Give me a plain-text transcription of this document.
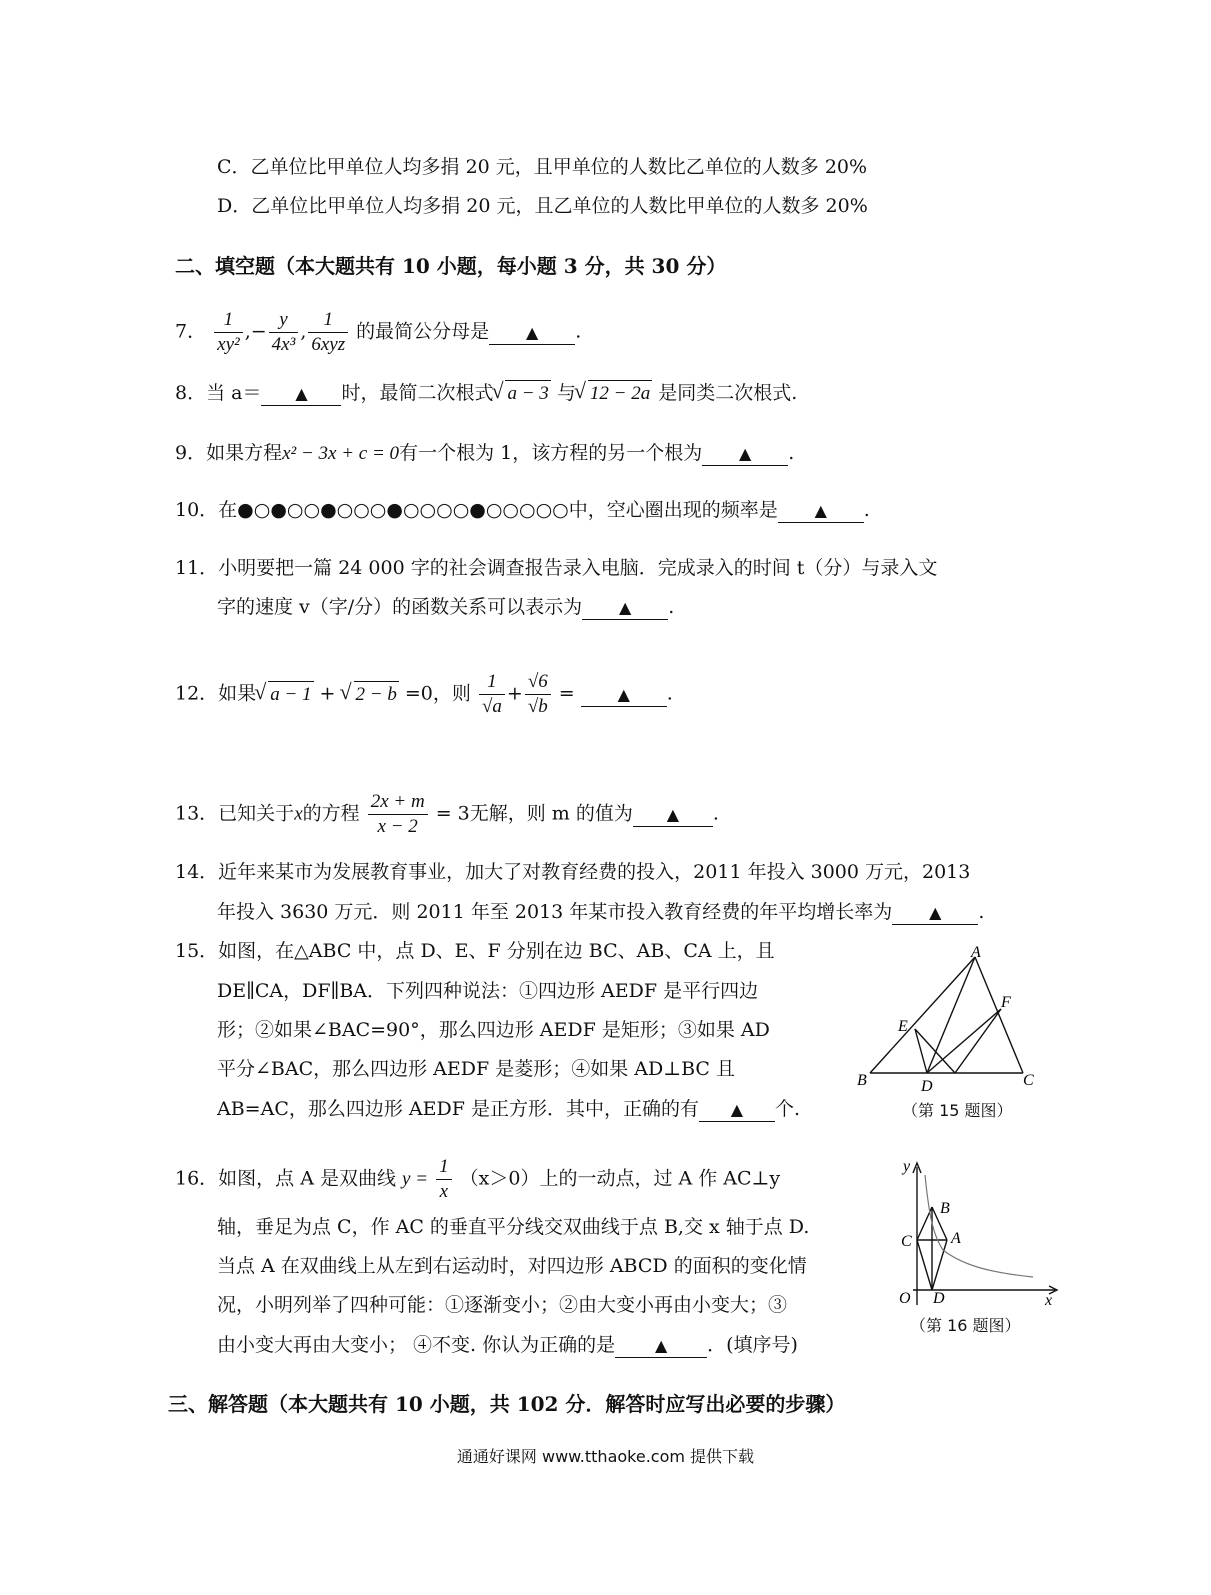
C．乙单位比甲单位人均多捐 20 元，且甲单位的人数比乙单位的人数多 20%
D．乙单位比甲单位人均多捐 20 元，且乙单位的人数比甲单位的人数多 20%
二、填空题（本大题共有 10 小题，每小题 3 分，共 30 分）
7． $\frac{1}{\text{xy²}}$ ,− $\frac{y}{\text{4x³}}$ , $\frac{1}{\text{6xyz}}$ 的最简公分母是 ▲ .
8．当 a＝ ▲ 时，最简二次根式 √ a − 3 与 √ 12 − 2a 是同类二次根式.
9．如果方程x² − 3x + c = 0有一个根为 1，该方程的另一个根为 ▲ .
10．在●○●○○●○○○●○○○○●○○○○○中，空心圈出现的频率是 ▲ .
11．小明要把一篇 24 000 字的社会调查报告录入电脑．完成录入的时间 t（分）与录入文
字的速度 v（字/分）的函数关系可以表示为 ▲ .
12．如果 √ a − 1 + √ 2 − b =0，则 $\frac{1}{√a} + \frac{√6}{√b}$ = ▲ .
13．已知关于x的方程 $\frac{2x + m}{x - 2} = 3$无解，则 m 的值为 ▲ .
14．近年来某市为发展教育事业，加大了对教育经费的投入，2011 年投入 3000 万元，2013
年投入 3630 万元．则 2011 年至 2013 年某市投入教育经费的年平均增长率为 ▲ .
15．如图，在△ABC 中，点 D、E、F 分别在边 BC、AB、CA 上，且
DE∥CA，DF∥BA．下列四种说法：①四边形 AEDF 是平行四边
形；②如果∠BAC=90°，那么四边形 AEDF 是矩形；③如果 AD
平分∠BAC，那么四边形 AEDF 是菱形；④如果 AD⊥BC 且
AB=AC，那么四边形 AEDF 是正方形．其中，正确的有 ▲ 个.
A
B	C
D
E
F
（第 15 题图）
16．如图，点 A 是双曲线 $y = \frac{1}{x} (x>0)$上的一动点，过 A 作 AC⊥y
轴，垂足为点 C，作 AC 的垂直平分线交双曲线于点 B,交 x 轴于点 D.
当点 A 在双曲线上从左到右运动时，对四边形 ABCD 的面积的变化情
况，小明列举了四种可能：①逐渐变小；②由大变小再由小变大；③
由小变大再由大变小； ④不变. 你认为正确的是 ▲ ．(填序号)
y
x
O D
C
B
A
（第 16 题图）
三、解答题（本大题共有 10 小题，共 102 分．解答时应写出必要的步骤）
通通好课网 www.tthaoke.com 提供下载
